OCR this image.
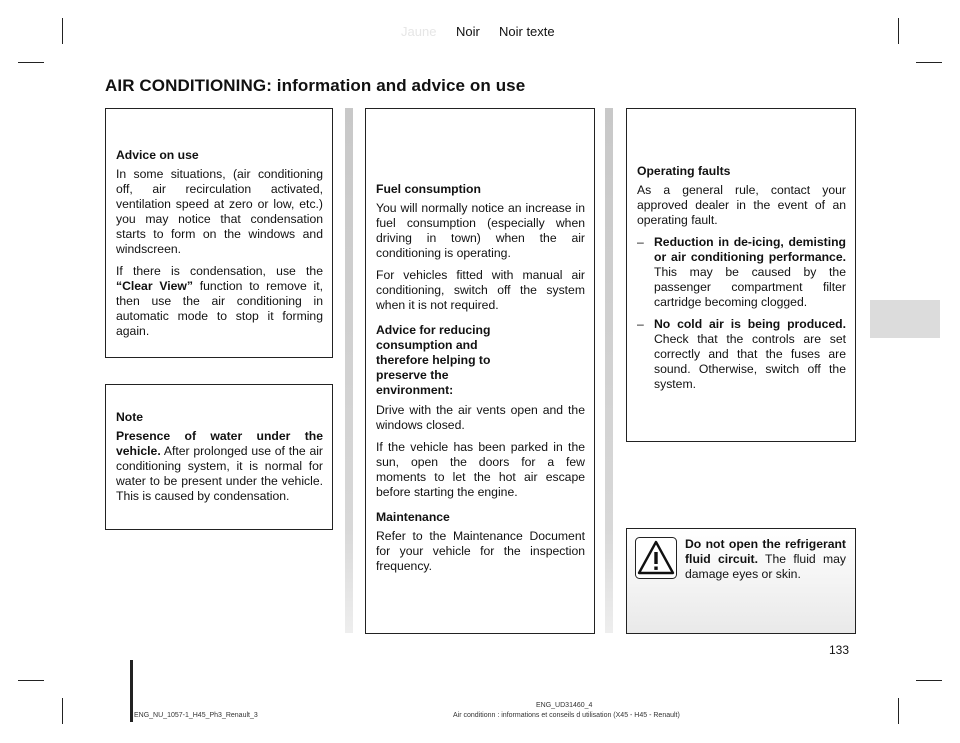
Jaune Noir Noir texte
AIR CONDITIONING: information and advice on use

Advice on use

In some situations, (air conditioning off, air recirculation activated, ventilation speed at zero or low, etc.) you may notice that condensation starts to form on the windows and windscreen.

If there is condensation, use the “Clear View” function to remove it, then use the air conditioning in automatic mode to stop it forming again.

Note

Presence of water under the vehicle. After prolonged use of the air conditioning system, it is normal for water to be present under the vehicle. This is caused by condensation.

Fuel consumption

You will normally notice an increase in fuel consumption (especially when driving in town) when the air conditioning is operating.

For vehicles fitted with manual air conditioning, switch off the system when it is not required.

Advice for reducing consumption and therefore helping to preserve the environment:

Drive with the air vents open and the windows closed.

If the vehicle has been parked in the sun, open the doors for a few moments to let the hot air escape before starting the engine.

Maintenance

Refer to the Maintenance Document for your vehicle for the inspection frequency.

Operating faults

As a general rule, contact your approved dealer in the event of an operating fault.

– Reduction in de-icing, demisting or air conditioning performance. This may be caused by the passenger compartment filter cartridge becoming clogged.
– No cold air is being produced. Check that the controls are set correctly and that the fuses are sound. Otherwise, switch off the system.

Do not open the refrigerant fluid circuit. The fluid may damage eyes or skin.

133
ENG_NU_1057-1_H45_Ph3_Renault_3
ENG_UD31460_4
Air conditionn : informations et conseils d utilisation (X45 - H45 - Renault)
